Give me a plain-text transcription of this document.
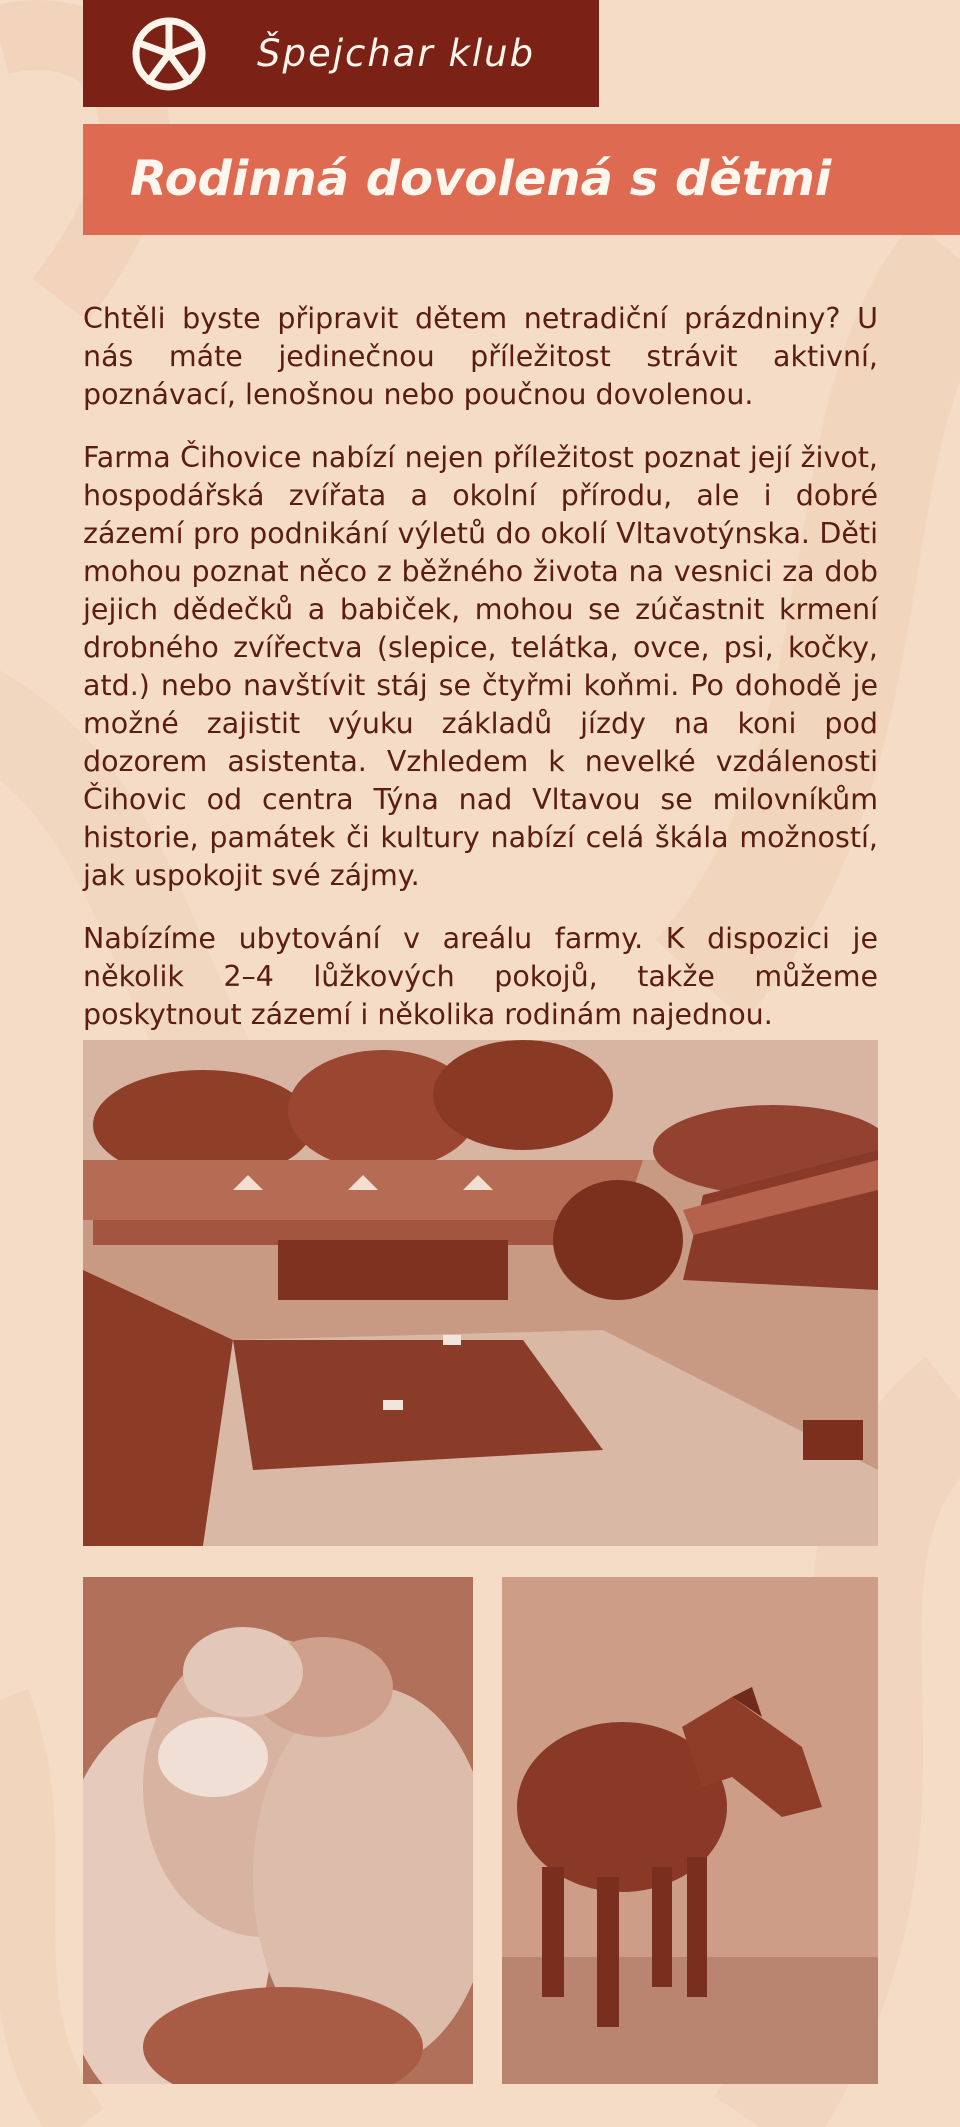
Špejchar klub
Rodinná dovolená s dětmi

Chtěli byste připravit dětem netradiční prázdniny? U nás máte jedinečnou příležitost strávit aktivní, poznávací, lenošnou nebo poučnou dovolenou.

Farma Čihovice nabízí nejen příležitost poznat její život, hospodářská zvířata a okolní přírodu, ale i dobré zázemí pro podnikání výletů do okolí Vltavotýnska. Děti mohou poznat něco z běžného života na vesnici za dob jejich dědečků a babiček, mohou se zúčastnit krmení drobného zvířectva (slepice, telátka, ovce, psi, kočky, atd.) nebo navštívit stáj se čtyřmi koňmi. Po dohodě je možné zajistit výuku základů jízdy na koni pod dozorem asistenta. Vzhledem k nevelké vzdálenosti Čihovic od centra Týna nad Vltavou se milovníkům historie, památek či kultury nabízí celá škála možností, jak uspokojit své zájmy.

Nabízíme ubytování v areálu farmy. K dispozici je několik 2–4 lůžkových pokojů, takže můžeme poskytnout zázemí i několika rodinám najednou.
